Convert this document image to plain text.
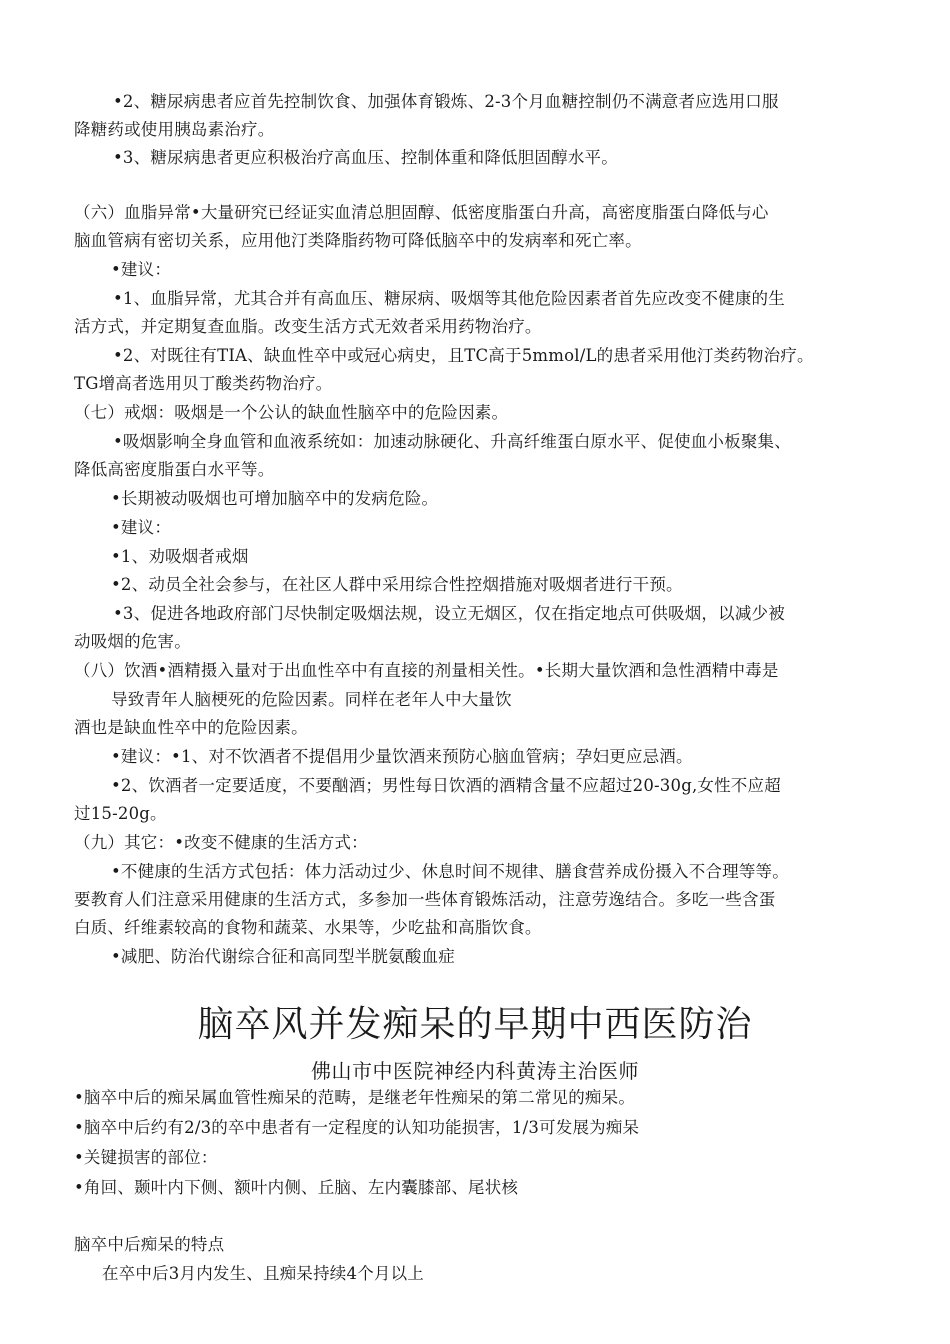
•2、糖尿病患者应首先控制饮食、加强体育锻炼、2-3个月血糖控制仍不满意者应选用口服
降糖药或使用胰岛素治疗。
•3、糖尿病患者更应积极治疗高血压、控制体重和降低胆固醇水平。
（六）血脂异常•大量研究已经证实血清总胆固醇、低密度脂蛋白升高，高密度脂蛋白降低与心
脑血管病有密切关系，应用他汀类降脂药物可降低脑卒中的发病率和死亡率。
•建议：
•1、血脂异常，尤其合并有高血压、糖尿病、吸烟等其他危险因素者首先应改变不健康的生
活方式，并定期复查血脂。改变生活方式无效者采用药物治疗。
•2、对既往有TIA、缺血性卒中或冠心病史，且TC高于5mmol/L的患者采用他汀类药物治疗。
TG增高者选用贝丁酸类药物治疗。
（七）戒烟：吸烟是一个公认的缺血性脑卒中的危险因素。
•吸烟影响全身血管和血液系统如：加速动脉硬化、升高纤维蛋白原水平、促使血小板聚集、
降低高密度脂蛋白水平等。
•长期被动吸烟也可增加脑卒中的发病危险。
•建议：
•1、劝吸烟者戒烟
•2、动员全社会参与，在社区人群中采用综合性控烟措施对吸烟者进行干预。
•3、促进各地政府部门尽快制定吸烟法规，设立无烟区，仅在指定地点可供吸烟，以减少被
动吸烟的危害。
（八）饮酒•酒精摄入量对于出血性卒中有直接的剂量相关性。•长期大量饮酒和急性酒精中毒是
导致青年人脑梗死的危险因素。同样在老年人中大量饮
酒也是缺血性卒中的危险因素。
•建议：•1、对不饮酒者不提倡用少量饮酒来预防心脑血管病；孕妇更应忌酒。
•2、饮酒者一定要适度，不要酗酒；男性每日饮酒的酒精含量不应超过20-30g,女性不应超
过15-20g。
（九）其它：•改变不健康的生活方式：
•不健康的生活方式包括：体力活动过少、休息时间不规律、膳食营养成份摄入不合理等等。
要教育人们注意采用健康的生活方式，多参加一些体育锻炼活动，注意劳逸结合。多吃一些含蛋
白质、纤维素较高的食物和蔬菜、水果等，少吃盐和高脂饮食。
•减肥、防治代谢综合征和高同型半胱氨酸血症
脑卒风并发痴呆的早期中西医防治
佛山市中医院神经内科黄涛主治医师
•脑卒中后的痴呆属血管性痴呆的范畴，是继老年性痴呆的第二常见的痴呆。
•脑卒中后约有2/3的卒中患者有一定程度的认知功能损害，1/3可发展为痴呆
•关键损害的部位：
•角回、颞叶内下侧、额叶内侧、丘脑、左内囊膝部、尾状核
脑卒中后痴呆的特点
在卒中后3月内发生、且痴呆持续4个月以上
